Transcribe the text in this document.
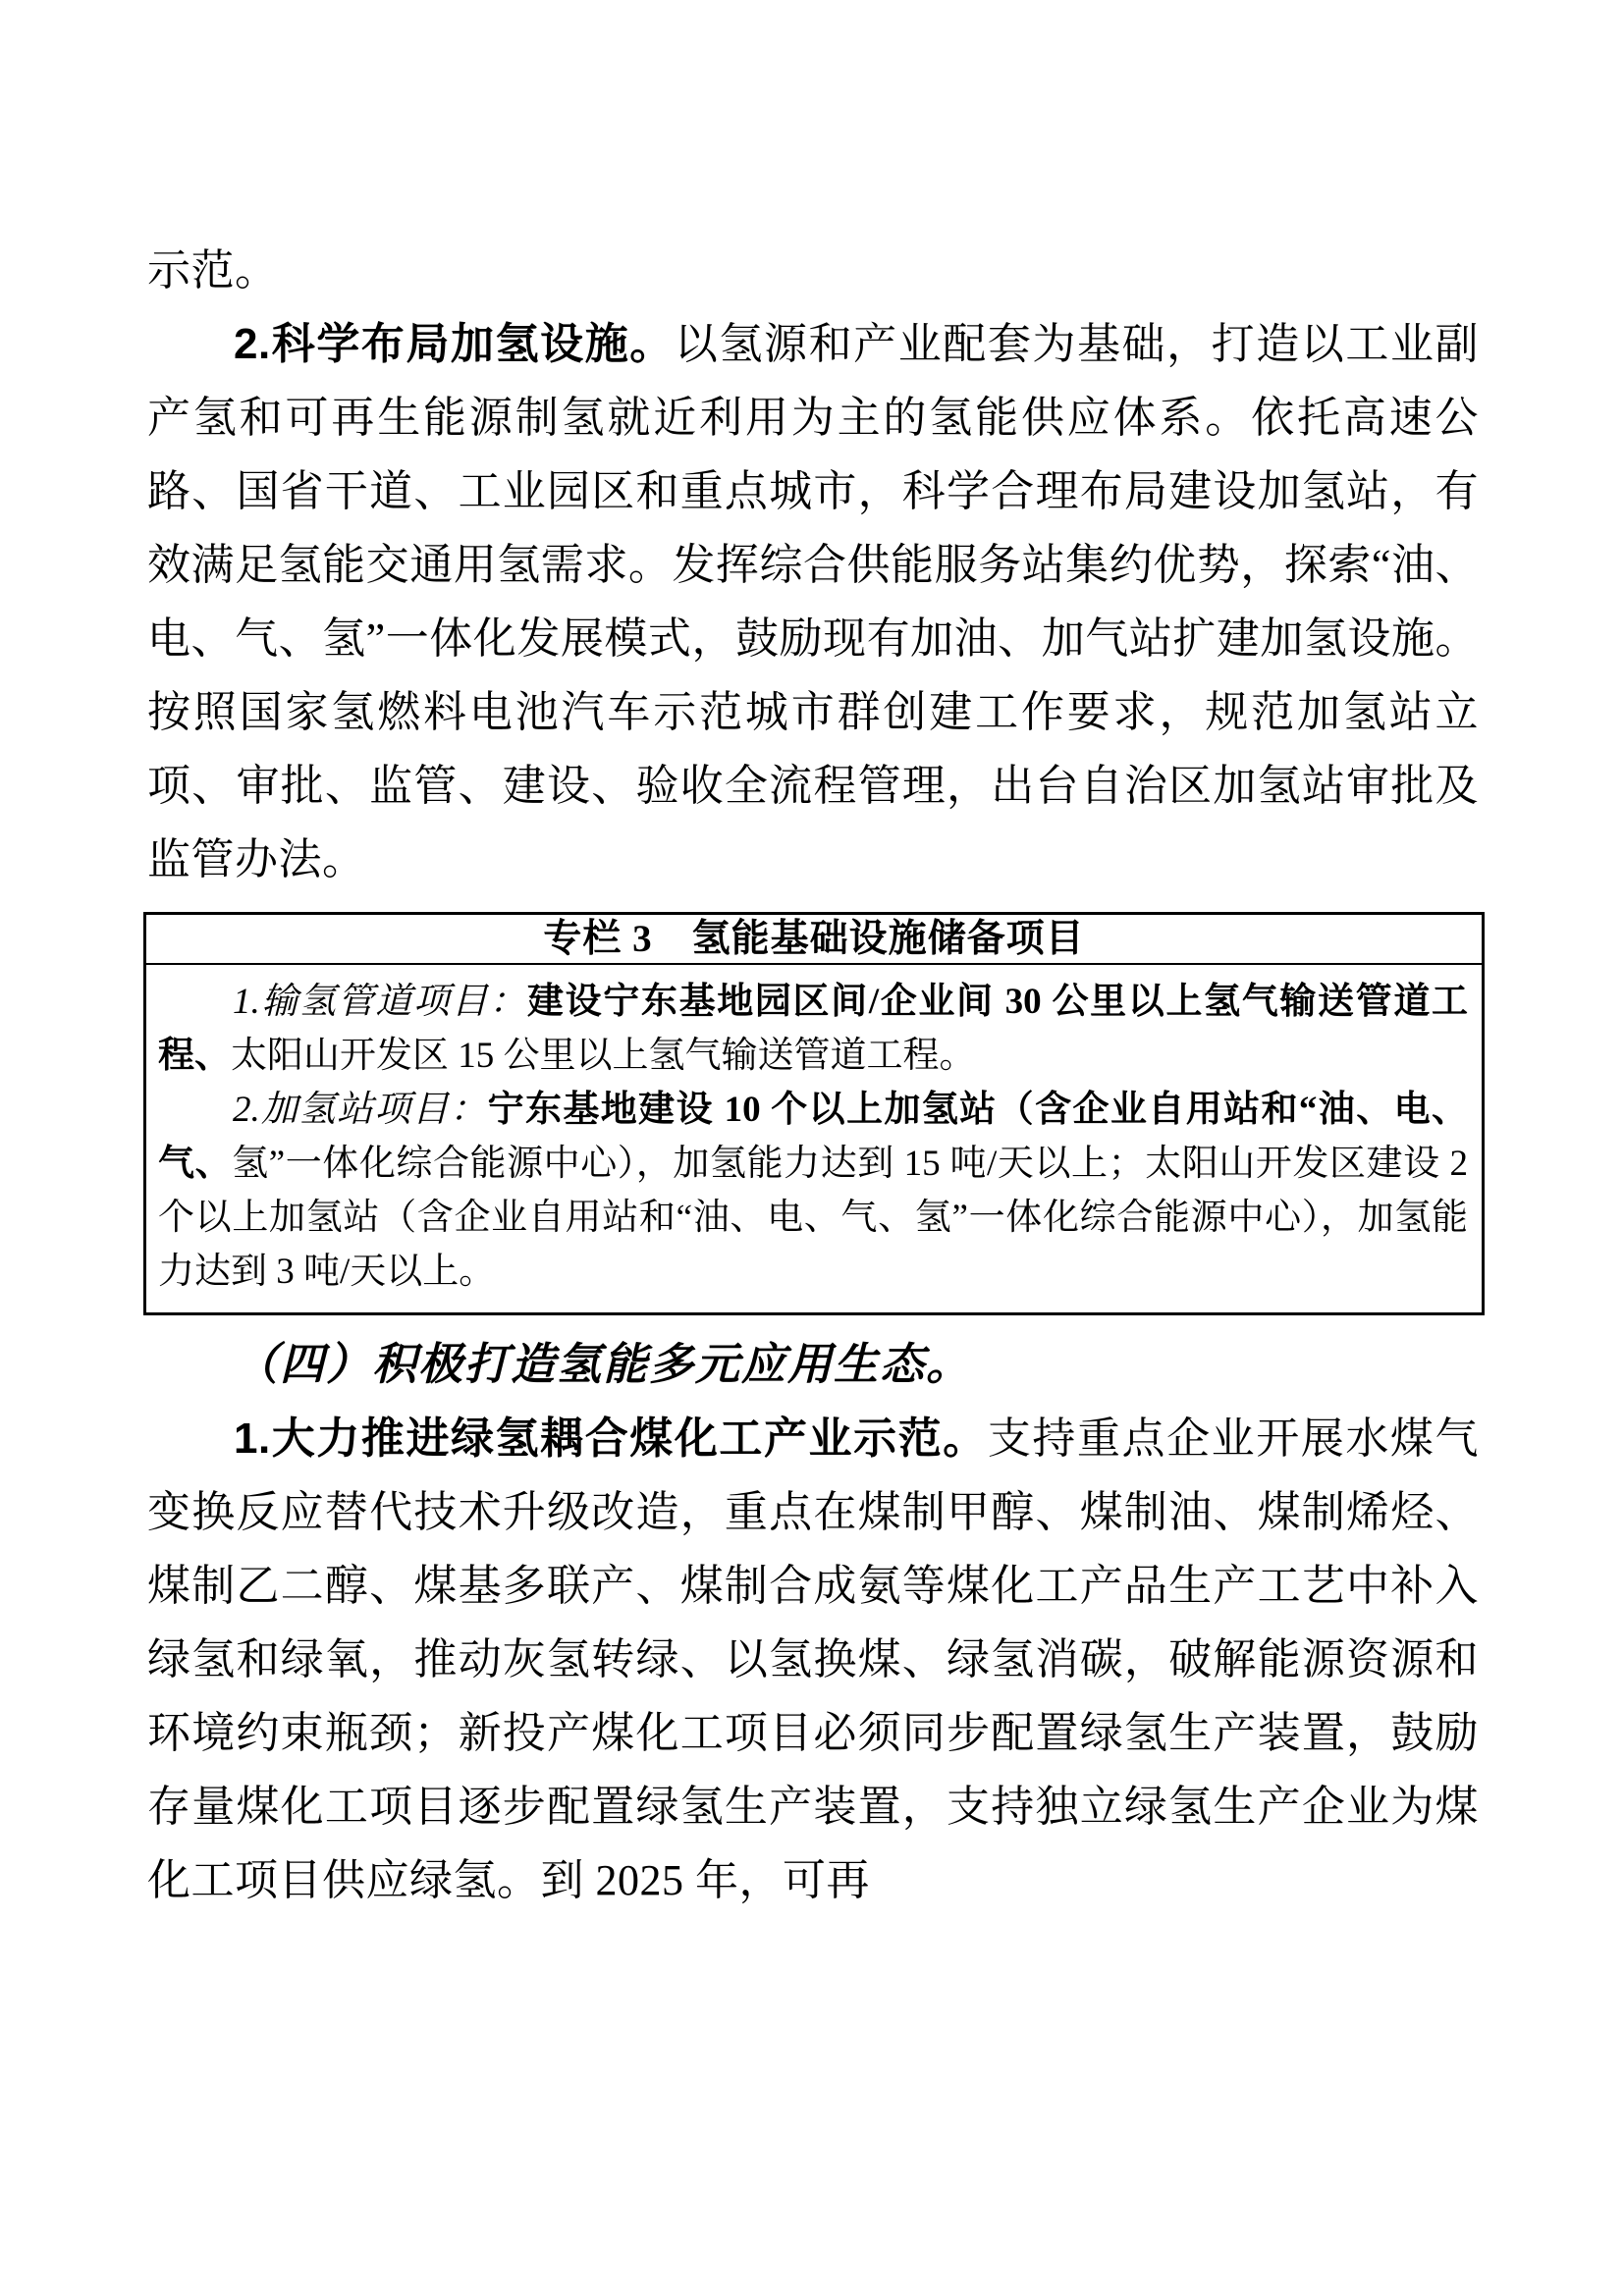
示范。

2.科学布局加氢设施。以氢源和产业配套为基础，打造以工业副产氢和可再生能源制氢就近利用为主的氢能供应体系。依托高速公路、国省干道、工业园区和重点城市，科学合理布局建设加氢站，有效满足氢能交通用氢需求。发挥综合供能服务站集约优势，探索“油、电、气、氢”一体化发展模式，鼓励现有加油、加气站扩建加氢设施。按照国家氢燃料电池汽车示范城市群创建工作要求，规范加氢站立项、审批、监管、建设、验收全流程管理，出台自治区加氢站审批及监管办法。

专栏 3　氢能基础设施储备项目

1.输氢管道项目：建设宁东基地园区间/企业间 30 公里以上氢气输送管道工程、太阳山开发区 15 公里以上氢气输送管道工程。

2.加氢站项目：宁东基地建设 10 个以上加氢站（含企业自用站和“油、电、气、氢”一体化综合能源中心），加氢能力达到 15 吨/天以上；太阳山开发区建设 2 个以上加氢站（含企业自用站和“油、电、气、氢”一体化综合能源中心），加氢能力达到 3 吨/天以上。

（四）积极打造氢能多元应用生态。

1.大力推进绿氢耦合煤化工产业示范。支持重点企业开展水煤气变换反应替代技术升级改造，重点在煤制甲醇、煤制油、煤制烯烃、煤制乙二醇、煤基多联产、煤制合成氨等煤化工产品生产工艺中补入绿氢和绿氧，推动灰氢转绿、以氢换煤、绿氢消碳，破解能源资源和环境约束瓶颈；新投产煤化工项目必须同步配置绿氢生产装置，鼓励存量煤化工项目逐步配置绿氢生产装置，支持独立绿氢生产企业为煤化工项目供应绿氢。到 2025 年，可再
